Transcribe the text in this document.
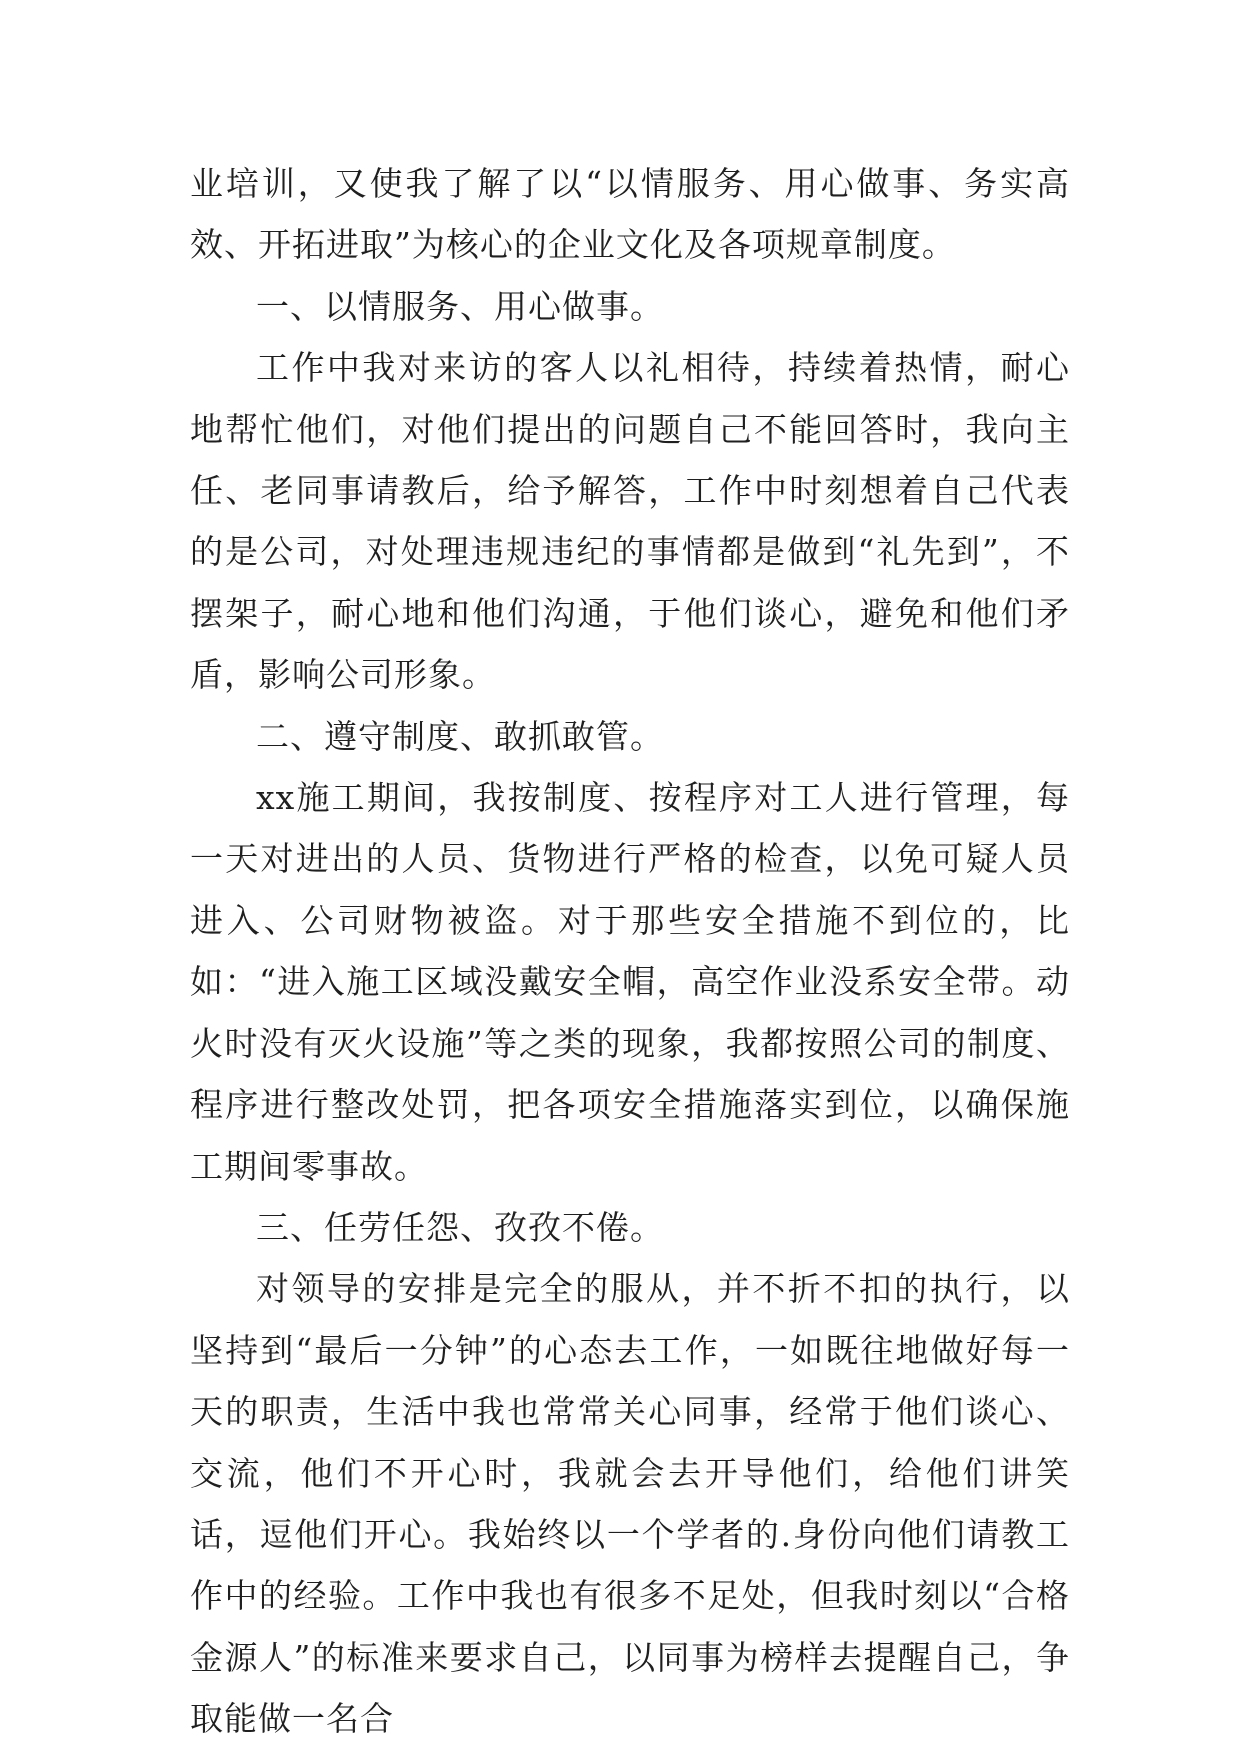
业培训，又使我了解了以“以情服务、用心做事、务实高效、开拓进取”为核心的企业文化及各项规章制度。

一、以情服务、用心做事。

工作中我对来访的客人以礼相待，持续着热情，耐心地帮忙他们，对他们提出的问题自己不能回答时，我向主任、老同事请教后，给予解答，工作中时刻想着自己代表的是公司，对处理违规违纪的事情都是做到“礼先到”，不摆架子，耐心地和他们沟通，于他们谈心，避免和他们矛盾，影响公司形象。

二、遵守制度、敢抓敢管。

xx施工期间，我按制度、按程序对工人进行管理，每一天对进出的人员、货物进行严格的检查，以免可疑人员进入、公司财物被盗。对于那些安全措施不到位的，比如：“进入施工区域没戴安全帽，高空作业没系安全带。动火时没有灭火设施”等之类的现象，我都按照公司的制度、程序进行整改处罚，把各项安全措施落实到位，以确保施工期间零事故。

三、任劳任怨、孜孜不倦。

对领导的安排是完全的服从，并不折不扣的执行，以坚持到“最后一分钟”的心态去工作，一如既往地做好每一天的职责，生活中我也常常关心同事，经常于他们谈心、交流，他们不开心时，我就会去开导他们，给他们讲笑话，逗他们开心。我始终以一个学者的.身份向他们请教工作中的经验。工作中我也有很多不足处，但我时刻以“合格金源人”的标准来要求自己，以同事为榜样去提醒自己，争取能做一名合
